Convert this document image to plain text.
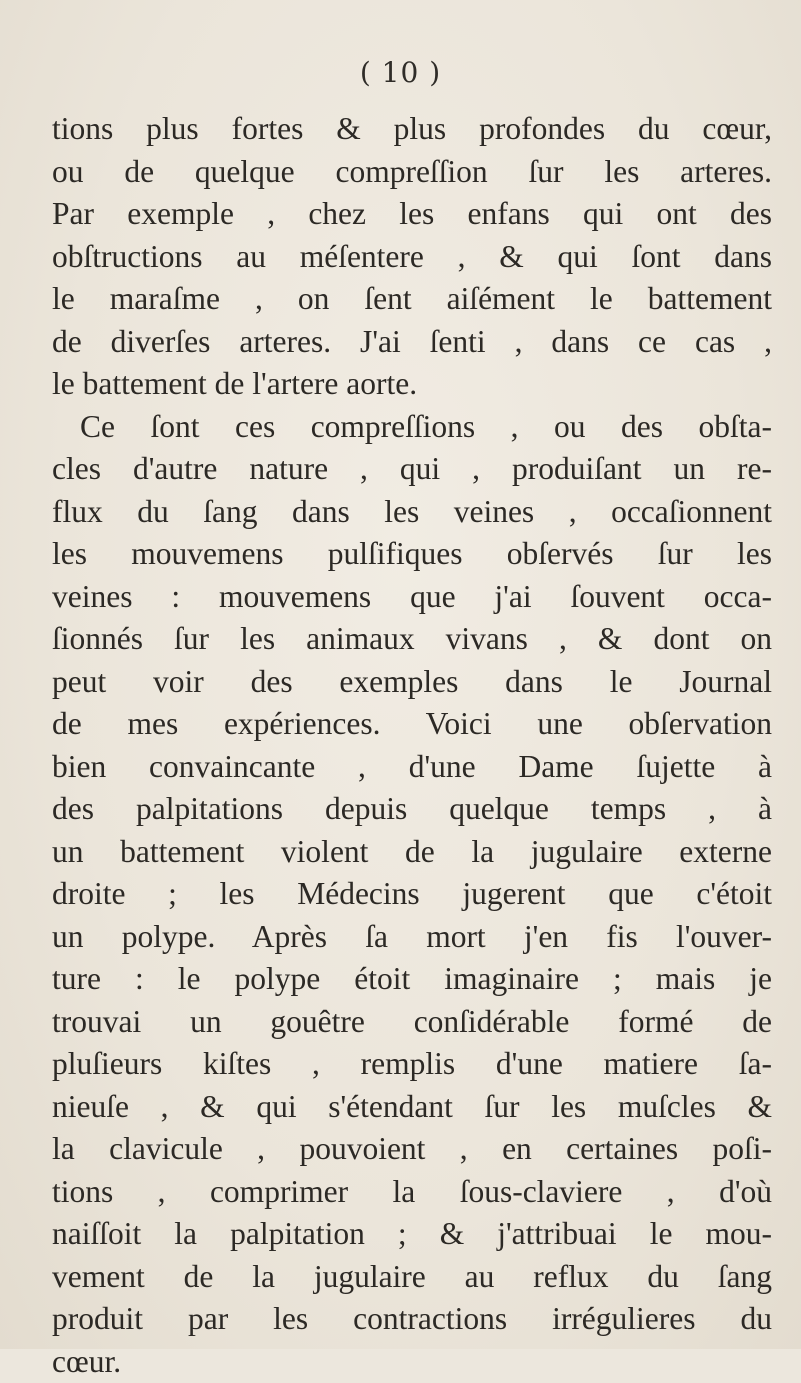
( 10 )
tions plus fortes & plus profondes du cœur,
ou de quelque compreſſion ſur les arteres.
Par exemple , chez les enfans qui ont des
obſtructions au méſentere , & qui ſont dans
le maraſme , on ſent aiſément le battement
de diverſes arteres. J'ai ſenti , dans ce cas ,
le battement de l'artere aorte.
Ce ſont ces compreſſions , ou des obſta-
cles d'autre nature , qui , produiſant un re-
flux du ſang dans les veines , occaſionnent
les mouvemens pulſifiques obſervés ſur les
veines : mouvemens que j'ai ſouvent occa-
ſionnés ſur les animaux vivans , & dont on
peut voir des exemples dans le Journal
de mes expériences. Voici une obſervation
bien convaincante , d'une Dame ſujette à
des palpitations depuis quelque temps , à
un battement violent de la jugulaire externe
droite ; les Médecins jugerent que c'étoit
un polype. Après ſa mort j'en fis l'ouver-
ture : le polype étoit imaginaire ; mais je
trouvai un gouêtre conſidérable formé de
pluſieurs kiſtes , remplis d'une matiere ſa-
nieuſe , & qui s'étendant ſur les muſcles &
la clavicule , pouvoient , en certaines poſi-
tions , comprimer la ſous-claviere , d'où
naiſſoit la palpitation ; & j'attribuai le mou-
vement de la jugulaire au reflux du ſang
produit par les contractions irrégulieres du
cœur.
